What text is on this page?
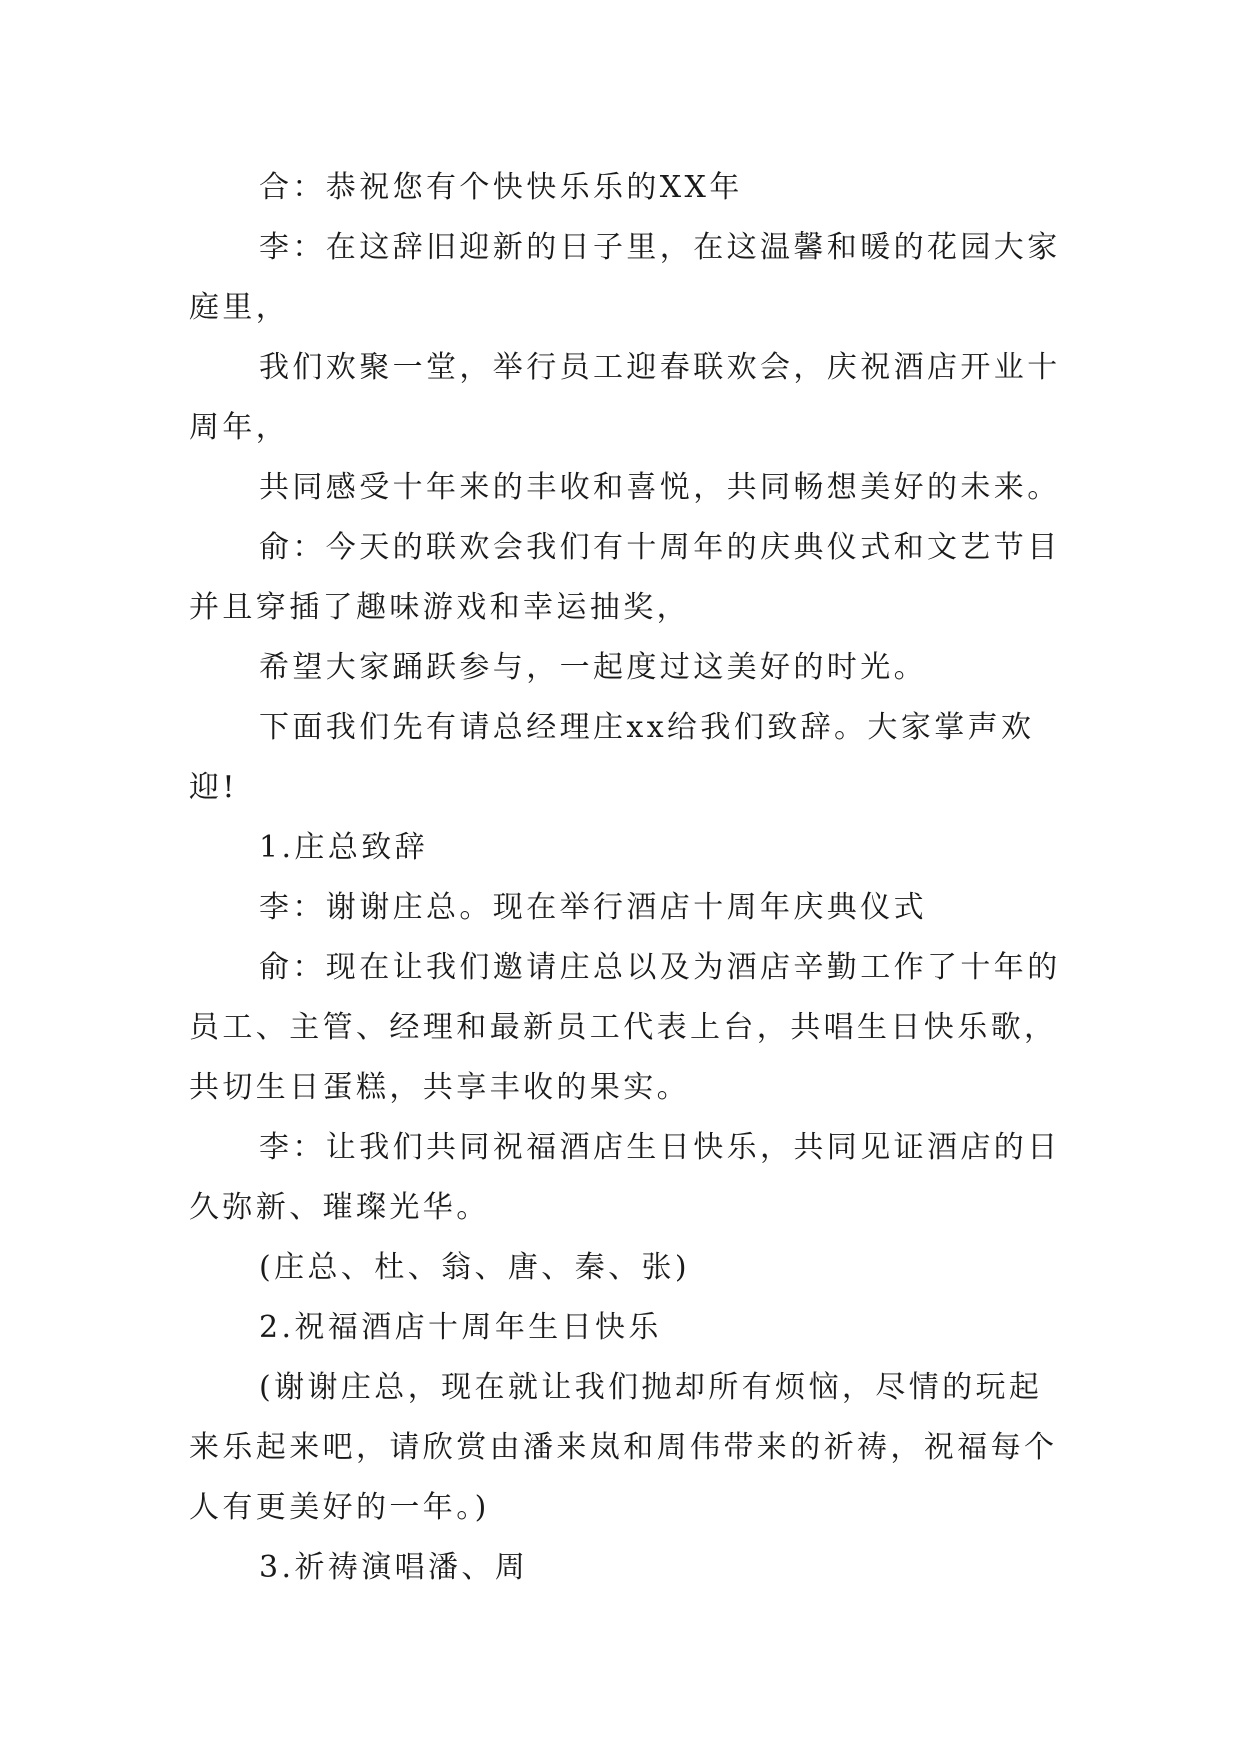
合：恭祝您有个快快乐乐的XX年

李：在这辞旧迎新的日子里，在这温馨和暖的花园大家庭里，

我们欢聚一堂，举行员工迎春联欢会，庆祝酒店开业十周年，

共同感受十年来的丰收和喜悦，共同畅想美好的未来。

俞：今天的联欢会我们有十周年的庆典仪式和文艺节目并且穿插了趣味游戏和幸运抽奖，

希望大家踊跃参与，一起度过这美好的时光。

下面我们先有请总经理庄xx给我们致辞。大家掌声欢迎!

1.庄总致辞

李：谢谢庄总。现在举行酒店十周年庆典仪式

俞：现在让我们邀请庄总以及为酒店辛勤工作了十年的员工、主管、经理和最新员工代表上台，共唱生日快乐歌，共切生日蛋糕，共享丰收的果实。

李：让我们共同祝福酒店生日快乐，共同见证酒店的日久弥新、璀璨光华。

(庄总、杜、翁、唐、秦、张)

2.祝福酒店十周年生日快乐

(谢谢庄总，现在就让我们抛却所有烦恼，尽情的玩起来乐起来吧，请欣赏由潘来岚和周伟带来的祈祷，祝福每个人有更美好的一年。)

3.祈祷演唱潘、周
